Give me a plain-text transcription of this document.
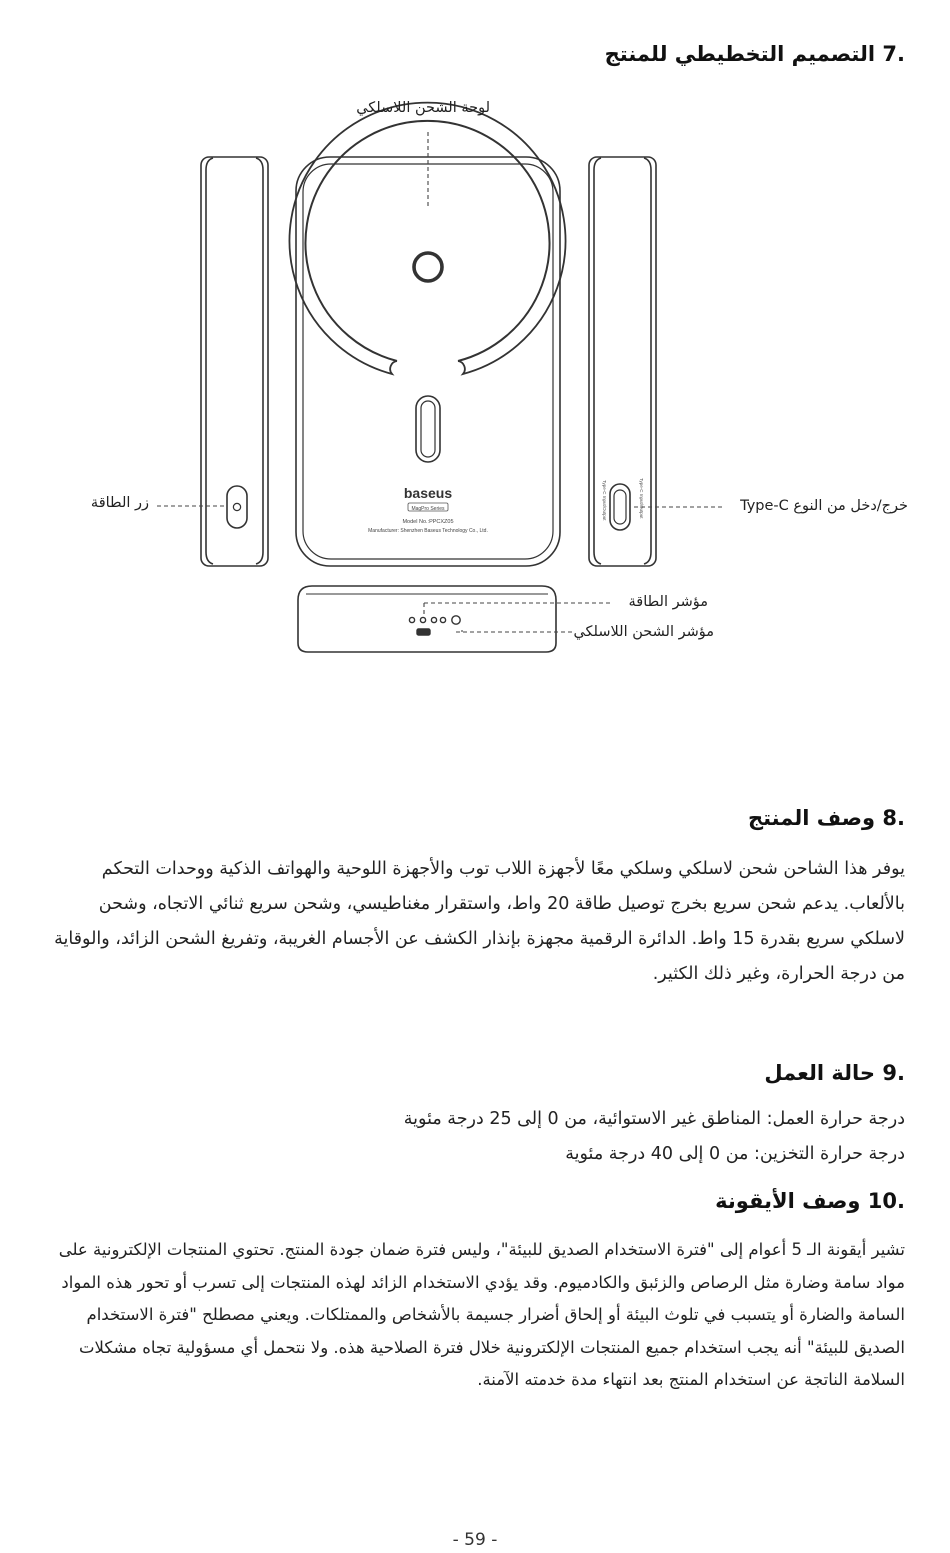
.7 التصميم التخطيطي للمنتج
baseus
MagPro Series
Model No.:PPCXZ05
Manufacturer: Shenzhen Baseus Technology Co., Ltd.
Type-C Input/Output	Type-C Input/Output
لوحة الشحن اللاسلكي
زر الطاقة	خرج/دخل من النوع Type-C
مؤشر الطاقة
مؤشر الشحن اللاسلكي
.8 وصف المنتج
يوفر هذا الشاحن شحن لاسلكي وسلكي معًا لأجهزة اللاب توب والأجهزة اللوحية والهواتف الذكية ووحدات التحكم بالألعاب. يدعم شحن سريع بخرج توصيل طاقة 20 واط، واستقرار مغناطيسي، وشحن سريع ثنائي الاتجاه، وشحن لاسلكي سريع بقدرة 15 واط. الدائرة الرقمية مجهزة بإنذار الكشف عن الأجسام الغريبة، وتفريغ الشحن الزائد، والوقاية من درجة الحرارة، وغير ذلك الكثير.
.9 حالة العمل
درجة حرارة العمل: المناطق غير الاستوائية، من 0 إلى 25 درجة مئوية
درجة حرارة التخزين: من 0 إلى 40 درجة مئوية
.10 وصف الأيقونة
تشير أيقونة الـ 5 أعوام إلى "فترة الاستخدام الصديق للبيئة"، وليس فترة ضمان جودة المنتج. تحتوي المنتجات الإلكترونية على مواد سامة وضارة مثل الرصاص والزئبق والكادميوم. وقد يؤدي الاستخدام الزائد لهذه المنتجات إلى تسرب أو تحور هذه المواد السامة والضارة أو يتسبب في تلوث البيئة أو إلحاق أضرار جسيمة بالأشخاص والممتلكات. ويعني مصطلح "فترة الاستخدام الصديق للبيئة" أنه يجب استخدام جميع المنتجات الإلكترونية خلال فترة الصلاحية هذه. ولا نتحمل أي مسؤولية تجاه مشكلات السلامة الناتجة عن استخدام المنتج بعد انتهاء مدة خدمته الآمنة.
- 59 -
